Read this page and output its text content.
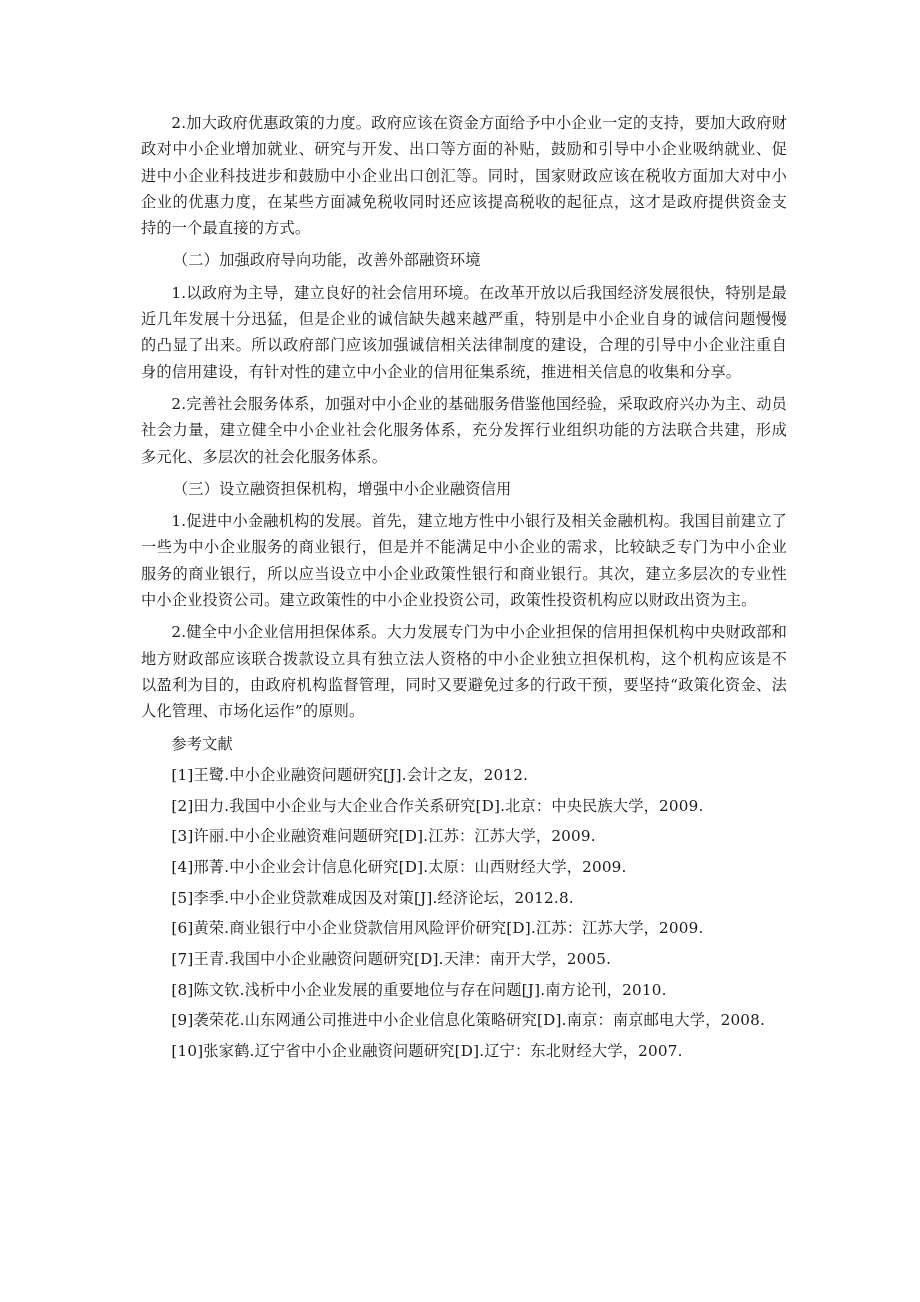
2.加大政府优惠政策的力度。政府应该在资金方面给予中小企业一定的支持，要加大政府财政对中小企业增加就业、研究与开发、出口等方面的补贴，鼓励和引导中小企业吸纳就业、促进中小企业科技进步和鼓励中小企业出口创汇等。同时，国家财政应该在税收方面加大对中小企业的优惠力度，在某些方面减免税收同时还应该提高税收的起征点，这才是政府提供资金支持的一个最直接的方式。

（二）加强政府导向功能，改善外部融资环境

1.以政府为主导，建立良好的社会信用环境。在改革开放以后我国经济发展很快，特别是最近几年发展十分迅猛，但是企业的诚信缺失越来越严重，特别是中小企业自身的诚信问题慢慢的凸显了出来。所以政府部门应该加强诚信相关法律制度的建设，合理的引导中小企业注重自身的信用建设，有针对性的建立中小企业的信用征集系统，推进相关信息的收集和分享。

2.完善社会服务体系，加强对中小企业的基础服务借鉴他国经验，采取政府兴办为主、动员社会力量，建立健全中小企业社会化服务体系，充分发挥行业组织功能的方法联合共建，形成多元化、多层次的社会化服务体系。

（三）设立融资担保机构，增强中小企业融资信用

1.促进中小金融机构的发展。首先，建立地方性中小银行及相关金融机构。我国目前建立了一些为中小企业服务的商业银行，但是并不能满足中小企业的需求，比较缺乏专门为中小企业服务的商业银行，所以应当设立中小企业政策性银行和商业银行。其次，建立多层次的专业性中小企业投资公司。建立政策性的中小企业投资公司，政策性投资机构应以财政出资为主。

2.健全中小企业信用担保体系。大力发展专门为中小企业担保的信用担保机构中央财政部和地方财政部应该联合拨款设立具有独立法人资格的中小企业独立担保机构，这个机构应该是不以盈利为目的，由政府机构监督管理，同时又要避免过多的行政干预，要坚持“政策化资金、法人化管理、市场化运作”的原则。

参考文献

[1]王鹭.中小企业融资问题研究[J].会计之友，2012.
[2]田力.我国中小企业与大企业合作关系研究[D].北京：中央民族大学，2009.
[3]许丽.中小企业融资难问题研究[D].江苏：江苏大学，2009.
[4]邢菁.中小企业会计信息化研究[D].太原：山西财经大学，2009.
[5]李季.中小企业贷款难成因及对策[J].经济论坛，2012.8.
[6]黄荣.商业银行中小企业贷款信用风险评价研究[D].江苏：江苏大学，2009.
[7]王青.我国中小企业融资问题研究[D].天津：南开大学，2005.
[8]陈文钦.浅析中小企业发展的重要地位与存在问题[J].南方论刊，2010.
[9]袭荣花.山东网通公司推进中小企业信息化策略研究[D].南京：南京邮电大学，2008.
[10]张家鹤.辽宁省中小企业融资问题研究[D].辽宁：东北财经大学，2007.
